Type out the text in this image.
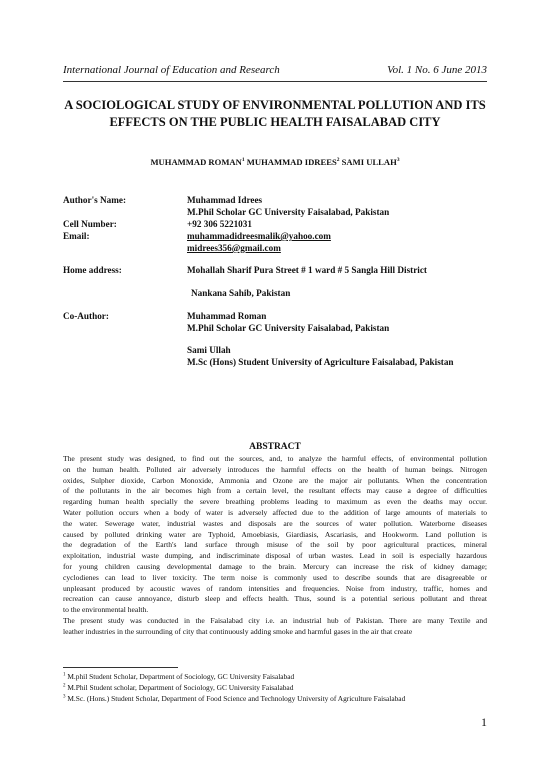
International Journal of Education and Research	Vol. 1 No. 6 June 2013
A SOCIOLOGICAL STUDY OF ENVIRONMENTAL POLLUTION AND ITS
EFFECTS ON THE PUBLIC HEALTH FAISALABAD CITY
MUHAMMAD ROMAN$^1$ MUHAMMAD IDREES$^2$ SAMI ULLAH$^3$
Author's Name:	Muhammad Idrees
M.Phil Scholar GC University Faisalabad, Pakistan
Cell Number:	+92 306 5221031
Email:	muhammadidreesmalik@yahoo.com
midrees356@gmail.com
Home address:	Mohallah Sharif Pura Street # 1 ward # 5 Sangla Hill District
Nankana Sahib, Pakistan
Co-Author:	Muhammad Roman
M.Phil Scholar GC University Faisalabad, Pakistan
Sami Ullah
M.Sc (Hons) Student University of Agriculture Faisalabad, Pakistan
ABSTRACT
The present study was designed, to find out the sources, and, to analyze the harmful effects, of environmental pollution
on the human health. Polluted air adversely introduces the harmful effects on the health of human beings. Nitrogen
oxides, Sulpher dioxide, Carbon Monoxide, Ammonia and Ozone are the major air pollutants. When the concentration
of the pollutants in the air becomes high from a certain level, the resultant effects may cause a degree of difficulties
regarding human health specially the severe breathing problems leading to maximum as even the deaths may occur.
Water pollution occurs when a body of water is adversely affected due to the addition of large amounts of materials to
the water. Sewerage water, industrial wastes and disposals are the sources of water pollution. Waterborne diseases
caused by polluted drinking water are Typhoid, Amoebiasis, Giardiasis, Ascariasis, and Hookworm. Land pollution is
the degradation of the Earth's land surface through misuse of the soil by poor agricultural practices, mineral
exploitation, industrial waste dumping, and indiscriminate disposal of urban wastes. Lead in soil is especially hazardous
for young children causing developmental damage to the brain. Mercury can increase the risk of kidney damage;
cyclodienes can lead to liver toxicity. The term noise is commonly used to describe sounds that are disagreeable or
unpleasant produced by acoustic waves of random intensities and frequencies. Noise from industry, traffic, homes and
recreation can cause annoyance, disturb sleep and effects health. Thus, sound is a potential serious pollutant and threat
to the environmental health.
The present study was conducted in the Faisalabad city i.e. an industrial hub of Pakistan. There are many Textile and
leather industries in the surrounding of city that continuously adding smoke and harmful gases in the air that create
$^1$ M.phil Student Scholar, Department of Sociology, GC University Faisalabad
$^2$ M.Phil Student scholar, Department of Sociology, GC University Faisalabad
$^3$ M.Sc. (Hons.) Student Scholar, Department of Food Science and Technology University of Agriculture Faisalabad
1
